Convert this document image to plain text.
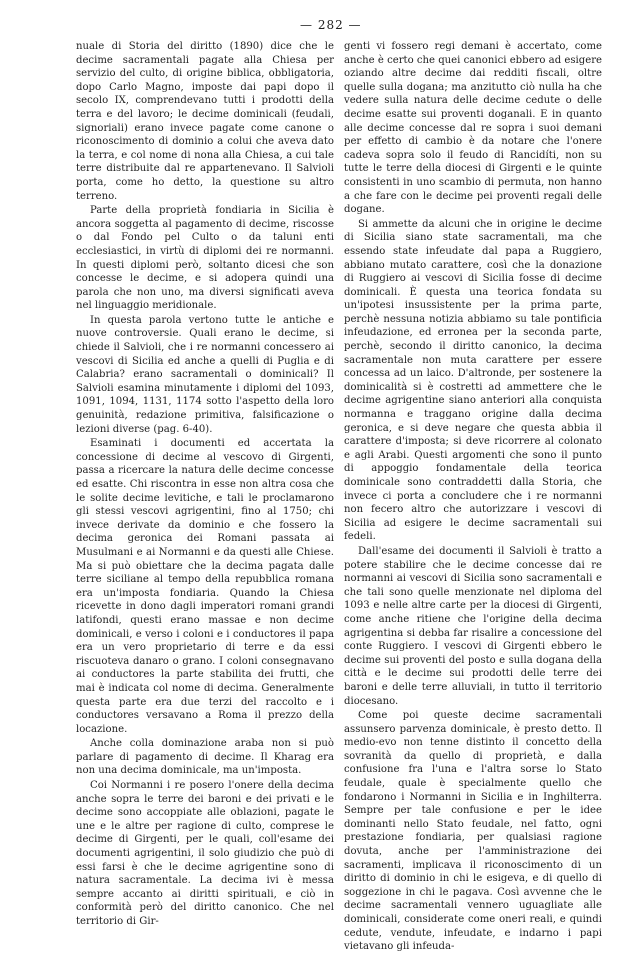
— 282 —

nuale di Storia del diritto (1890) dice che le decime sacramentali pagate alla Chiesa per servizio del culto, di origine biblica, obbligatoria, dopo Carlo Magno, imposte dai papi dopo il secolo IX, comprendevano tutti i prodotti della terra e del lavoro; le decime dominicali (feudali, signoriali) erano invece pagate come canone o riconoscimento di dominio a colui che aveva dato la terra, e col nome di nona alla Chiesa, a cui tale terre distribuite dal re appartenevano. Il Salvioli porta, come ho detto, la questione su altro terreno.

Parte della proprietà fondiaria in Sicilia è ancora soggetta al pagamento di decime, riscosse o dal Fondo pel Culto o da taluni enti ecclesiastici, in virtù di diplomi dei re normanni. In questi diplomi però, soltanto dicesi che son concesse le decime, e si adopera quindi una parola che non uno, ma diversi significati aveva nel linguaggio meridionale.

In questa parola vertono tutte le antiche e nuove controversie. Quali erano le decime, si chiede il Salvioli, che i re normanni concessero ai vescovi di Sicilia ed anche a quelli di Puglia e di Calabria? erano sacramentali o dominicali? Il Salvioli esamina minutamente i diplomi del 1093, 1091, 1094, 1131, 1174 sotto l'aspetto della loro genuinità, redazione primitiva, falsificazione o lezioni diverse (pag. 6-40).

Esaminati i documenti ed accertata la concessione di decime al vescovo di Girgenti, passa a ricercare la natura delle decime concesse ed esatte. Chi riscontra in esse non altra cosa che le solite decime levitiche, e tali le proclamarono gli stessi vescovi agrigentini, fino al 1750; chi invece derivate da dominio e che fossero la decima geronica dei Romani passata ai Musulmani e ai Normanni e da questi alle Chiese. Ma si può obiettare che la decima pagata dalle terre siciliane al tempo della repubblica romana era un'imposta fondiaria. Quando la Chiesa ricevette in dono dagli imperatori romani grandi latifondi, questi erano massae e non decime dominicali, e verso i coloni e i conductores il papa era un vero proprietario di terre e da essi riscuoteva danaro o grano. I coloni consegnavano ai conductores la parte stabilita dei frutti, che mai è indicata col nome di decima. Generalmente questa parte era due terzi del raccolto e i conductores versavano a Roma il prezzo della locazione.

Anche colla dominazione araba non si può parlare di pagamento di decime. Il Kharag era non una decima dominicale, ma un'imposta.

Coi Normanni i re posero l'onere della decima anche sopra le terre dei baroni e dei privati e le decime sono accoppiate alle oblazioni, pagate le une e le altre per ragione di culto, comprese le decime di Girgenti, per le quali, coll'esame dei documenti agrigentini, il solo giudizio che può di essi farsi è che le decime agrigentine sono di natura sacramentale. La decima ivi è messa sempre accanto ai diritti spirituali, e ciò in conformità però del diritto canonico. Che nel territorio di Gir-

genti vi fossero regi demani è accertato, come anche è certo che quei canonici ebbero ad esigere oziando altre decime dai redditi fiscali, oltre quelle sulla dogana; ma anzitutto ciò nulla ha che vedere sulla natura delle decime cedute o delle decime esatte sui proventi doganali. E in quanto alle decime concesse dal re sopra i suoi demani per effetto di cambio è da notare che l'onere cadeva sopra solo il feudo di Rancidíti, non su tutte le terre della diocesi di Girgenti e le quinte consistenti in uno scambio di permuta, non hanno a che fare con le decime pei proventi regali delle dogane.

Si ammette da alcuni che in origine le decime di Sicilia siano state sacramentali, ma che essendo state infeudate dal papa a Ruggiero, abbiano mutato carattere, così che la donazione di Ruggiero ai vescovi di Sicilia fosse di decime dominicali. È questa una teorica fondata su un'ipotesi insussistente per la prima parte, perchè nessuna notizia abbiamo su tale pontificia infeudazione, ed erronea per la seconda parte, perchè, secondo il diritto canonico, la decima sacramentale non muta carattere per essere concessa ad un laico. D'altronde, per sostenere la dominicalità si è costretti ad ammettere che le decime agrigentine siano anteriori alla conquista normanna e traggano origine dalla decima geronica, e si deve negare che questa abbia il carattere d'imposta; si deve ricorrere al colonato e agli Arabi. Questi argomenti che sono il punto di appoggio fondamentale della teorica dominicale sono contraddetti dalla Storia, che invece ci porta a concludere che i re normanni non fecero altro che autorizzare i vescovi di Sicilia ad esigere le decime sacramentali sui fedeli.

Dall'esame dei documenti il Salvioli è tratto a potere stabilire che le decime concesse dai re normanni ai vescovi di Sicilia sono sacramentali e che tali sono quelle menzionate nel diploma del 1093 e nelle altre carte per la diocesi di Girgenti, come anche ritiene che l'origine della decima agrigentina si debba far risalire a concessione del conte Ruggiero. I vescovi di Girgenti ebbero le decime sui proventi del posto e sulla dogana della città e le decime sui prodotti delle terre dei baroni e delle terre alluviali, in tutto il territorio diocesano.

Come poi queste decime sacramentali assunsero parvenza dominicale, è presto detto. Il medio-evo non tenne distinto il concetto della sovranità da quello di proprietà, e dalla confusione fra l'una e l'altra sorse lo Stato feudale, quale è specialmente quello che fondarono i Normanni in Sicilia e in Inghilterra. Sempre per tale confusione e per le idee dominanti nello Stato feudale, nel fatto, ogni prestazione fondiaria, per qualsiasi ragione dovuta, anche per l'amministrazione dei sacramenti, implicava il riconoscimento di un diritto di dominio in chi le esigeva, e di quello di soggezione in chi le pagava. Così avvenne che le decime sacramentali vennero uguagliate alle dominicali, considerate come oneri reali, e quindi cedute, vendute, infeudate, e indarno i papi vietavano gli infeuda-
